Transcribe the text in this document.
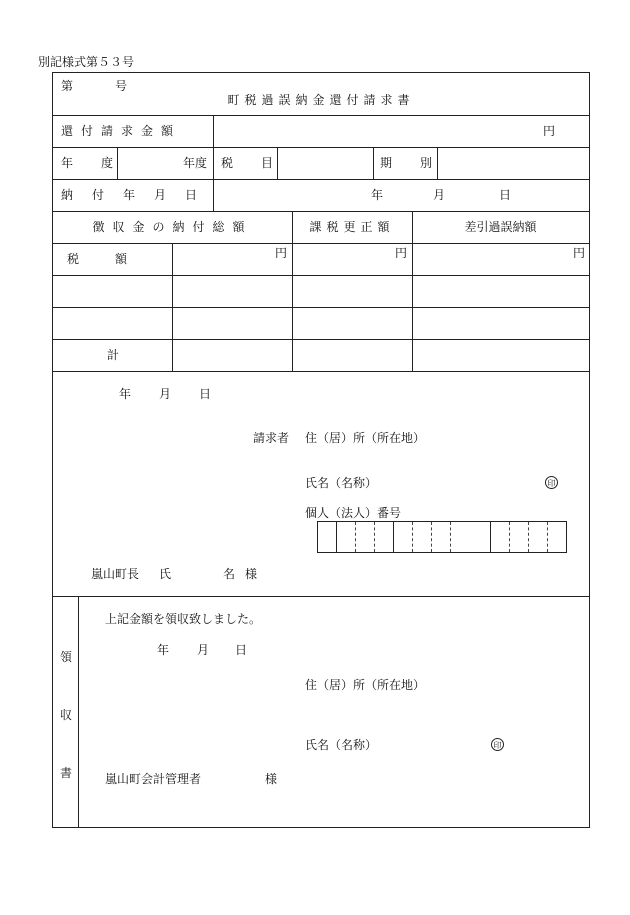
別記様式第５３号
第	号
町税過誤納金還付請求書
還付請求金額	円
年　度	年度 税　目	期　別
納付年月日	年	月	日
徴収金の納付総額	課税更正額	差引過誤納額
税　　　額	円	円	円
計
年 月 日
請求者 住（居）所（所在地）
氏名（名称）	印
個人（法人）番号
嵐山町長 氏	名 様
領
収
書
上記金額を領収致しました。
年 月 日
住（居）所（所在地）
氏名（名称）	印
嵐山町会計管理者	様
